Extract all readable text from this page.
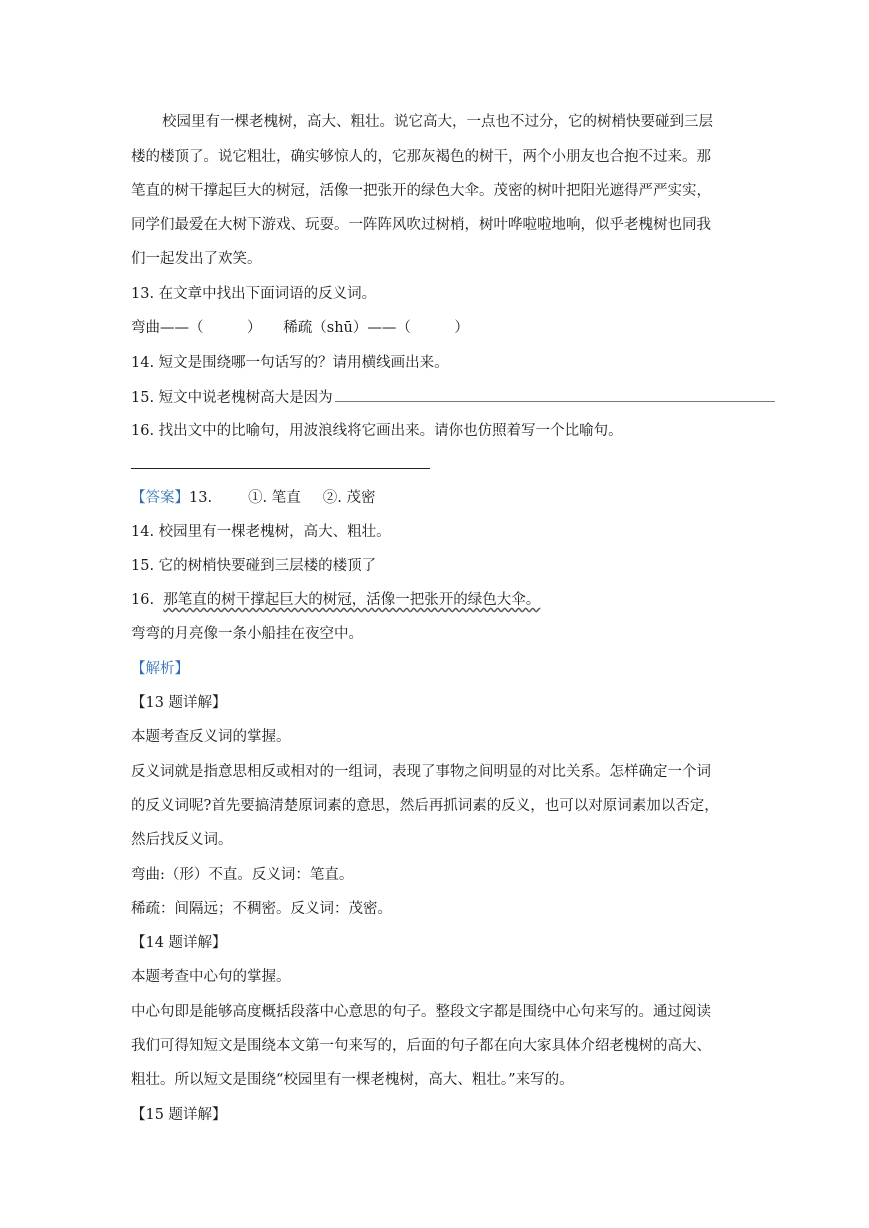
校园里有一棵老槐树，高大、粗壮。说它高大，一点也不过分，它的树梢快要碰到三层
楼的楼顶了。说它粗壮，确实够惊人的，它那灰褐色的树干，两个小朋友也合抱不过来。那
笔直的树干撑起巨大的树冠，活像一把张开的绿色大伞。茂密的树叶把阳光遮得严严实实，
同学们最爱在大树下游戏、玩耍。一阵阵风吹过树梢，树叶哗啦啦地响，似乎老槐树也同我
们一起发出了欢笑。
13. 在文章中找出下面词语的反义词。
弯曲——（　　　）　　稀疏（shū）——（　　　）
14. 短文是围绕哪一句话写的？请用横线画出来。
15. 短文中说老槐树高大是因为
16. 找出文中的比喻句，用波浪线将它画出来。请你也仿照着写一个比喻句。
【答案】13. ①. 笔直 ②. 茂密
14. 校园里有一棵老槐树，高大、粗壮。
15. 它的树梢快要碰到三层楼的楼顶了
16. 那笔直的树干撑起巨大的树冠，活像一把张开的绿色大伞。
弯弯的月亮像一条小船挂在夜空中。
【解析】
【13 题详解】
本题考查反义词的掌握。
反义词就是指意思相反或相对的一组词，表现了事物之间明显的对比关系。怎样确定一个词
的反义词呢?首先要搞清楚原词素的意思，然后再抓词素的反义，也可以对原词素加以否定，
然后找反义词。
弯曲:（形）不直。反义词：笔直。
稀疏：间隔远；不稠密。反义词：茂密。
【14 题详解】
本题考查中心句的掌握。
中心句即是能够高度概括段落中心意思的句子。整段文字都是围绕中心句来写的。通过阅读
我们可得知短文是围绕本文第一句来写的，后面的句子都在向大家具体介绍老槐树的高大、
粗壮。所以短文是围绕“校园里有一棵老槐树，高大、粗壮。”来写的。
【15 题详解】
